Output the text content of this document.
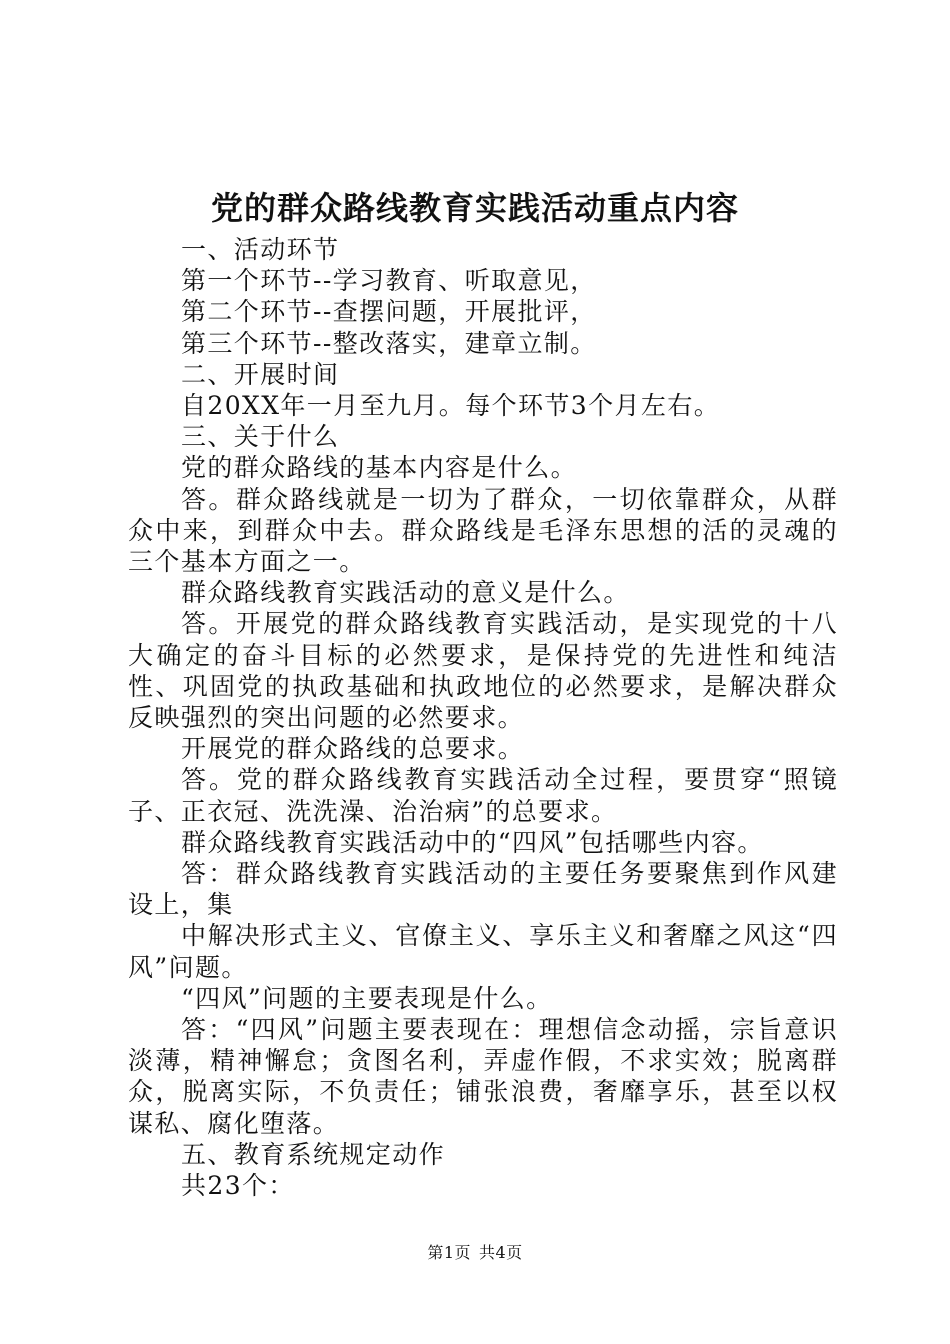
党的群众路线教育实践活动重点内容

一、活动环节

第一个环节--学习教育、听取意见，

第二个环节--查摆问题，开展批评，

第三个环节--整改落实，建章立制。

二、开展时间

自20XX年一月至九月。每个环节3个月左右。

三、关于什么

党的群众路线的基本内容是什么。

答。群众路线就是一切为了群众，一切依靠群众，从群众中来，到群众中去。群众路线是毛泽东思想的活的灵魂的三个基本方面之一。

群众路线教育实践活动的意义是什么。

答。开展党的群众路线教育实践活动，是实现党的十八大确定的奋斗目标的必然要求，是保持党的先进性和纯洁性、巩固党的执政基础和执政地位的必然要求，是解决群众反映强烈的突出问题的必然要求。

开展党的群众路线的总要求。

答。党的群众路线教育实践活动全过程，要贯穿“照镜子、正衣冠、洗洗澡、治治病”的总要求。

群众路线教育实践活动中的“四风”包括哪些内容。

答：群众路线教育实践活动的主要任务要聚焦到作风建设上，集

中解决形式主义、官僚主义、享乐主义和奢靡之风这“四风”问题。

“四风”问题的主要表现是什么。

答：“四风”问题主要表现在：理想信念动摇，宗旨意识淡薄，精神懈怠；贪图名利，弄虚作假，不求实效；脱离群众，脱离实际，不负责任；铺张浪费，奢靡享乐，甚至以权谋私、腐化堕落。

五、教育系统规定动作

共23个：

第1页 共4页
